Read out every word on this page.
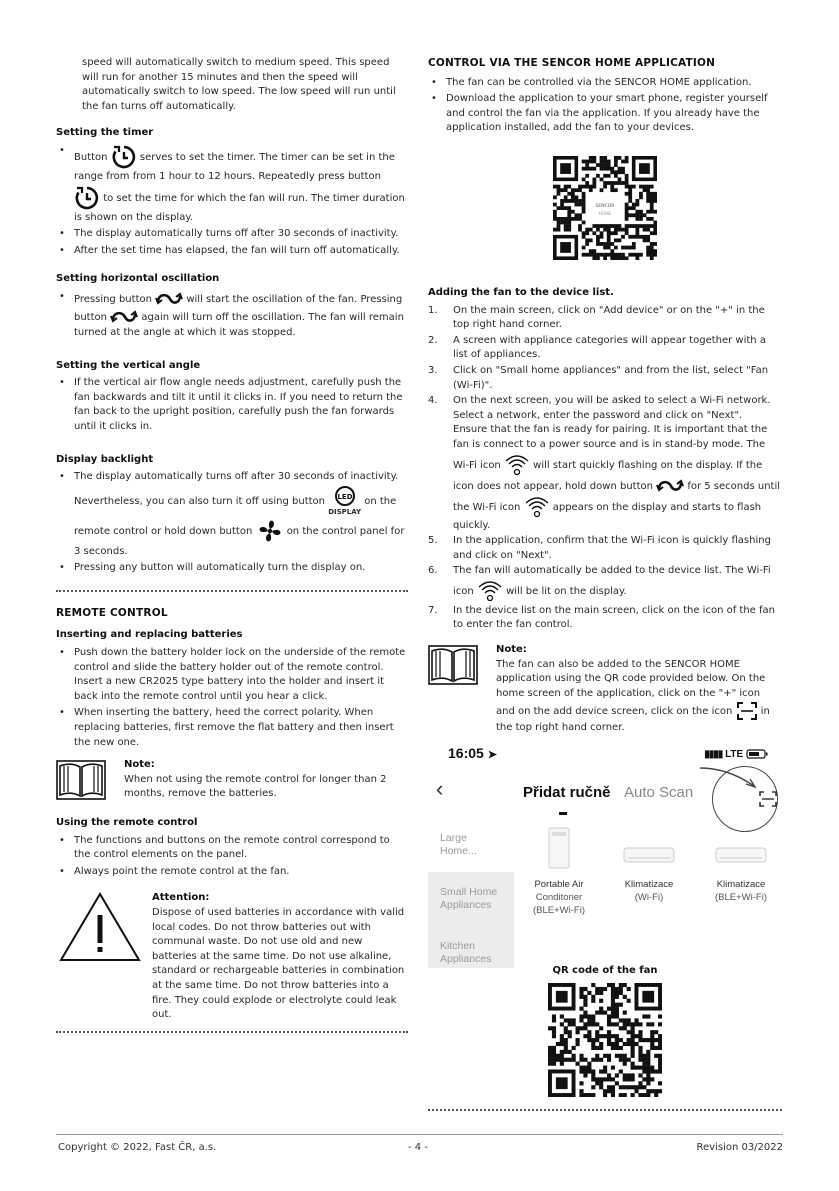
speed will automatically switch to medium speed. This speed will run for another 15 minutes and then the speed will automatically switch to low speed. The low speed will run until the fan turns off automatically.

Setting the timer
• Button	serves to set the timer. The timer can be set in the range from from 1 hour to 12 hours. Repeatedly press button  to set the time for which the fan will run. The timer duration is shown on the display.
• The display automatically turns off after 30 seconds of inactivity.
• After the set time has elapsed, the fan will turn off automatically.
Setting horizontal oscillation
• Pressing button	will start the oscillation of the fan. Pressing button	again will turn off the oscillation. The fan will remain turned at the angle at which it was stopped.
Setting the vertical angle
• If the vertical air flow angle needs adjustment, carefully push the fan backwards and tilt it until it clicks in. If you need to return the fan back to the upright position, carefully push the fan forwards until it clicks in.
Display backlight
• The display automatically turns off after 30 seconds of inactivity. Nevertheless, you can also turn it off using button LED
DISPLAY on the remote control or hold down button	on the control panel for 3 seconds.
• Pressing any button will automatically turn the display on.
REMOTE CONTROL
Inserting and replacing batteries
• Push down the battery holder lock on the underside of the remote control and slide the battery holder out of the remote control. Insert a new CR2025 type battery into the holder and insert it back into the remote control until you hear a click.
• When inserting the battery, heed the correct polarity. When replacing batteries, first remove the flat battery and then insert the new one.
Note:
When not using the remote control for longer than 2 months, remove the batteries.
Using the remote control
• The functions and buttons on the remote control correspond to the control elements on the panel.
• Always point the remote control at the fan.
Attention:
Dispose of used batteries in accordance with valid local codes. Do not throw batteries out with communal waste. Do not use old and new batteries at the same time. Do not use alkaline, standard or rechargeable batteries in combination at the same time. Do not throw batteries into a fire. They could explode or electrolyte could leak out.
CONTROL VIA THE SENCOR HOME APPLICATION
• The fan can be controlled via the SENCOR HOME application.
• Download the application to your smart phone, register yourself and control the fan via the application. If you already have the application installed, add the fan to your devices.
SENCOR
HOME
Adding the fan to the device list.
1. On the main screen, click on "Add device" or on the "+" in the top right hand corner.
2. A screen with appliance categories will appear together with a list of appliances.
3. Click on "Small home appliances" and from the list, select "Fan (Wi-Fi)".
4. On the next screen, you will be asked to select a Wi-Fi network. Select a network, enter the password and click on "Next".
Ensure that the fan is ready for pairing. It is important that the fan is connect to a power source and is in stand-by mode. The Wi-Fi icon	will start quickly flashing on the display. If the icon does not appear, hold down button	for 5 seconds until the Wi-Fi icon	appears on the display and starts to flash quickly.
5. In the application, confirm that the Wi-Fi icon is quickly flashing and click on "Next".
6. The fan will automatically be added to the device list. The Wi-Fi icon	will be lit on the display.
7. In the device list on the main screen, click on the icon of the fan to enter the fan control.
Note:
The fan can also be added to the SENCOR HOME application using the QR code provided below. On the home screen of the application, click on the "+" icon and on the add device screen, click on the icon	in the top right hand corner.
16:05 ➤	▮▮▮▮ LTE
‹	Přidat ručně Auto Scan
Large
Home...
Small Home
Appliances
Kitchen
Appliances
Portable Air
Conditoner
(BLE+Wi-Fi)
Klimatizace
(Wi-Fi)
Klimatizace
(BLE+Wi-Fi)
QR code of the fan
Copyright © 2022, Fast ČR, a.s.	- 4 -	Revision 03/2022
